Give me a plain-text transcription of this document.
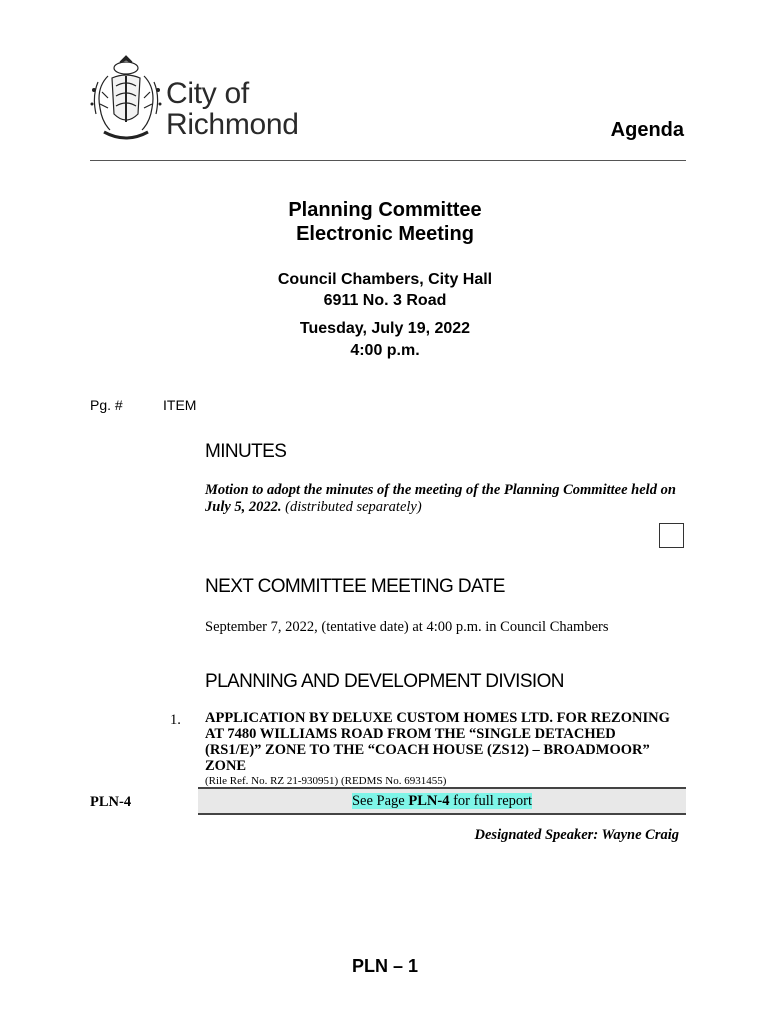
City of
Richmond	Agenda
Planning Committee
Electronic Meeting
Council Chambers, City Hall
6911 No. 3 Road
Tuesday, July 19, 2022
4:00 p.m.
Pg. #	ITEM
MINUTES
Motion to adopt the minutes of the meeting of the Planning Committee held on July 5, 2022. (distributed separately)
NEXT COMMITTEE MEETING DATE
September 7, 2022, (tentative date) at 4:00 p.m. in Council Chambers
PLANNING AND DEVELOPMENT DIVISION
1. APPLICATION BY DELUXE CUSTOM HOMES LTD. FOR REZONING AT 7480 WILLIAMS ROAD FROM THE “SINGLE DETACHED (RS1/E)” ZONE TO THE “COACH HOUSE (ZS12) – BROADMOOR” ZONE
(Rile Ref. No. RZ 21-930951) (REDMS No. 6931455)
PLN-4	See Page PLN-4 for full report
Designated Speaker: Wayne Craig
PLN – 1
